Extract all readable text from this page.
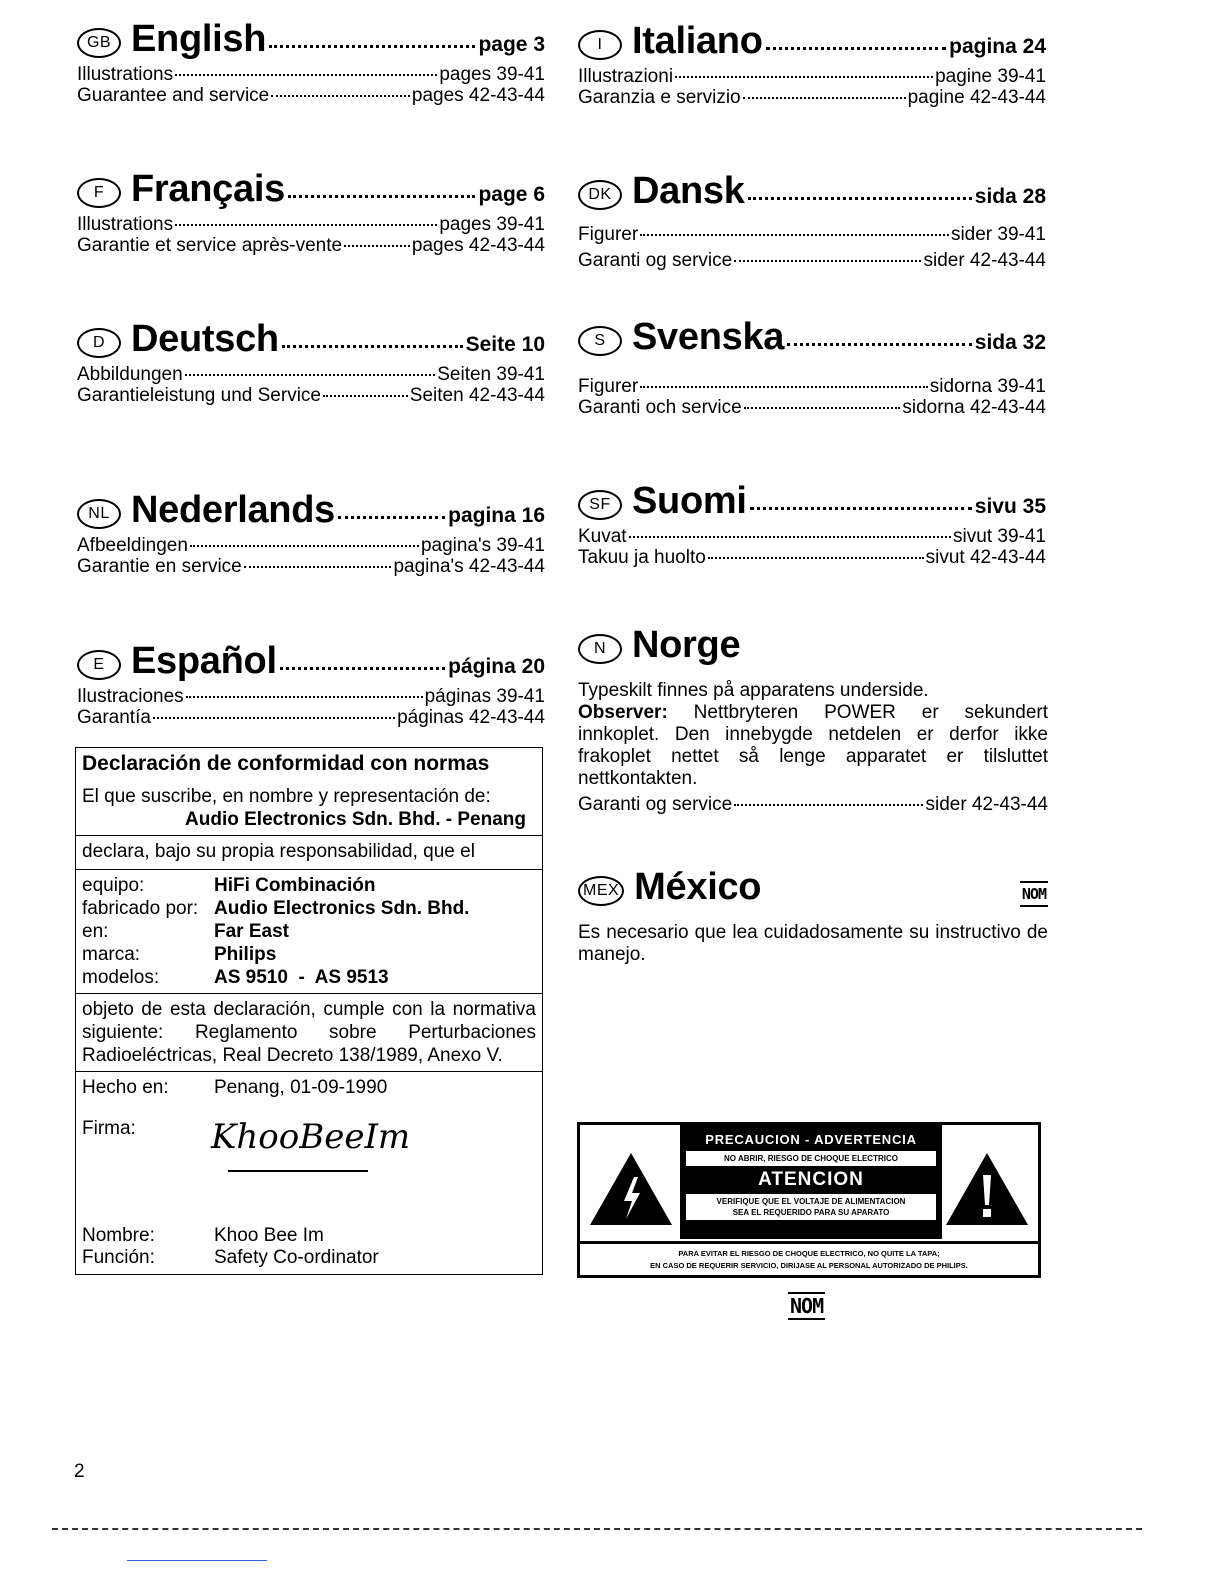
GB English	page 3
Illustrations	pages 39-41
Guarantee and service	pages 42-43-44
I Italiano	pagina 24
Illustrazioni	pagine 39-41
Garanzia e servizio	pagine 42-43-44
F Français	page 6
Illustrations	pages 39-41
Garantie et service après-vente	pages 42-43-44
DK Dansk	sida 28
Figurer	sider 39-41
Garanti og service	sider 42-43-44
D Deutsch	Seite 10
Abbildungen	Seiten 39-41
Garantieleistung und Service	Seiten 42-43-44
S Svenska	sida 32
Figurer	sidorna 39-41
Garanti och service	sidorna 42-43-44
NL Nederlands	pagina 16
Afbeeldingen	pagina's 39-41
Garantie en service	pagina's 42-43-44
SF Suomi	sivu 35
Kuvat	sivut 39-41
Takuu ja huolto	sivut 42-43-44
E Español	página 20
Ilustraciones	páginas 39-41
Garantía	páginas 42-43-44
Declaración de conformidad con normas
El que suscribe, en nombre y representación de:
Audio Electronics Sdn. Bhd. - Penang
declara, bajo su propia responsabilidad, que el
equipo:	HiFi Combinación
fabricado por: Audio Electronics Sdn. Bhd.
en:	Far East
marca:	Philips
modelos:	AS 9510  -  AS 9513
objeto de esta declaración, cumple con la normativa siguiente: Reglamento sobre Perturbaciones Radioeléctricas, Real Decreto 138/1989, Anexo V.
Hecho en:	Penang, 01-09-1990
Firma:	KhooBeeIm
Nombre:	Khoo Bee Im
Función:	Safety Co-ordinator
N Norge

Typeskilt finnes på apparatens underside.

Observer: Nettbryteren POWER er sekundert innkoplet. Den innebygde netdelen er derfor ikke frakoplet nettet så lenge apparatet er tilsluttet nettkontakten.

Garanti og service	sider 42-43-44
MEX México	NOM

Es necesario que lea cuidadosamente su instructivo de manejo.

PRECAUCION - ADVERTENCIA
NO ABRIR, RIESGO DE CHOQUE ELECTRICO
ATENCION
VERIFIQUE QUE EL VOLTAJE DE ALIMENTACION
SEA EL REQUERIDO PARA SU APARATO
PARA EVITAR EL RIESGO DE CHOQUE ELECTRICO, NO QUITE LA TAPA;
EN CASO DE REQUERIR SERVICIO, DIRIJASE AL PERSONAL AUTORIZADO DE PHILIPS.
NOM
2
